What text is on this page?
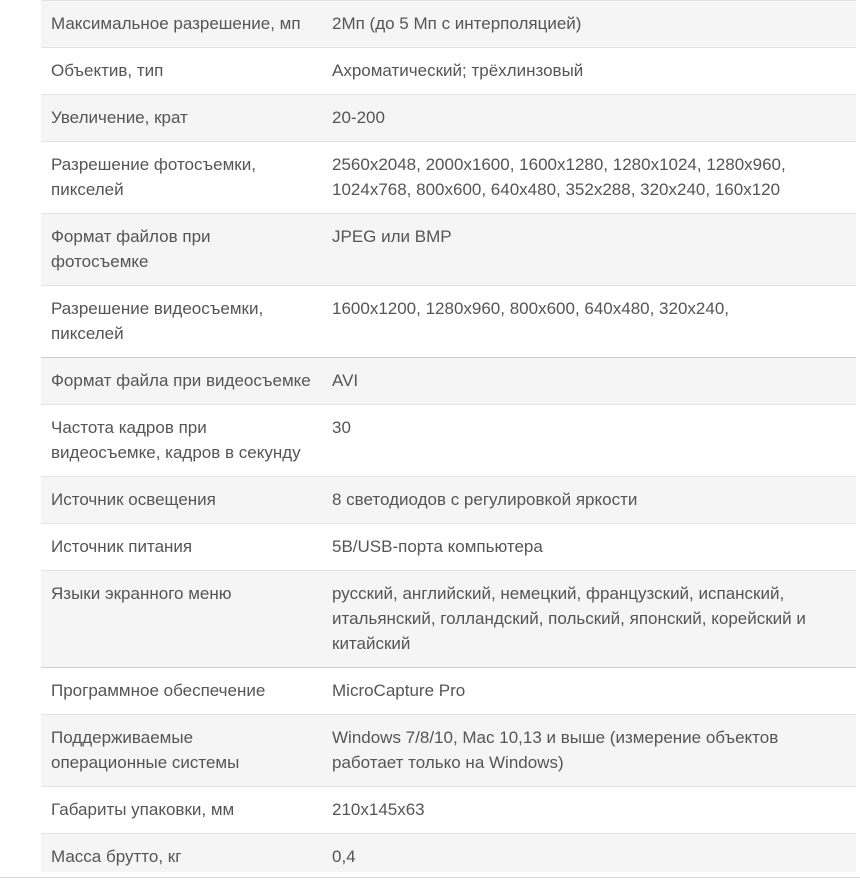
Максимальное разрешение, мп	2Мп (до 5 Мп с интерполяцией)
Объектив, тип	Ахроматический; трёхлинзовый
Увеличение, крат	20-200
Разрешение фотосъемки, пикселей	2560x2048, 2000x1600, 1600x1280, 1280x1024, 1280x960, 1024x768, 800x600, 640x480, 352x288, 320x240, 160x120
Формат файлов при фотосъемке	JPEG или BMP
Разрешение видеосъемки, пикселей	1600x1200, 1280x960, 800x600, 640x480, 320x240,
Формат файла при видеосъемке	AVI
Частота кадров при видеосъемке, кадров в секунду	30
Источник освещения	8 светодиодов с регулировкой яркости
Источник питания	5В/USB-порта компьютера
Языки экранного меню	русский, английский, немецкий, французский, испанский, итальянский, голландский, польский, японский, корейский и китайский
Программное обеспечение	MicroCapture Pro
Поддерживаемые операционные системы	Windows 7/8/10, Mac 10,13 и выше (измерение объектов работает только на Windows)
Габариты упаковки, мм	210x145x63
Масса брутто, кг	0,4
